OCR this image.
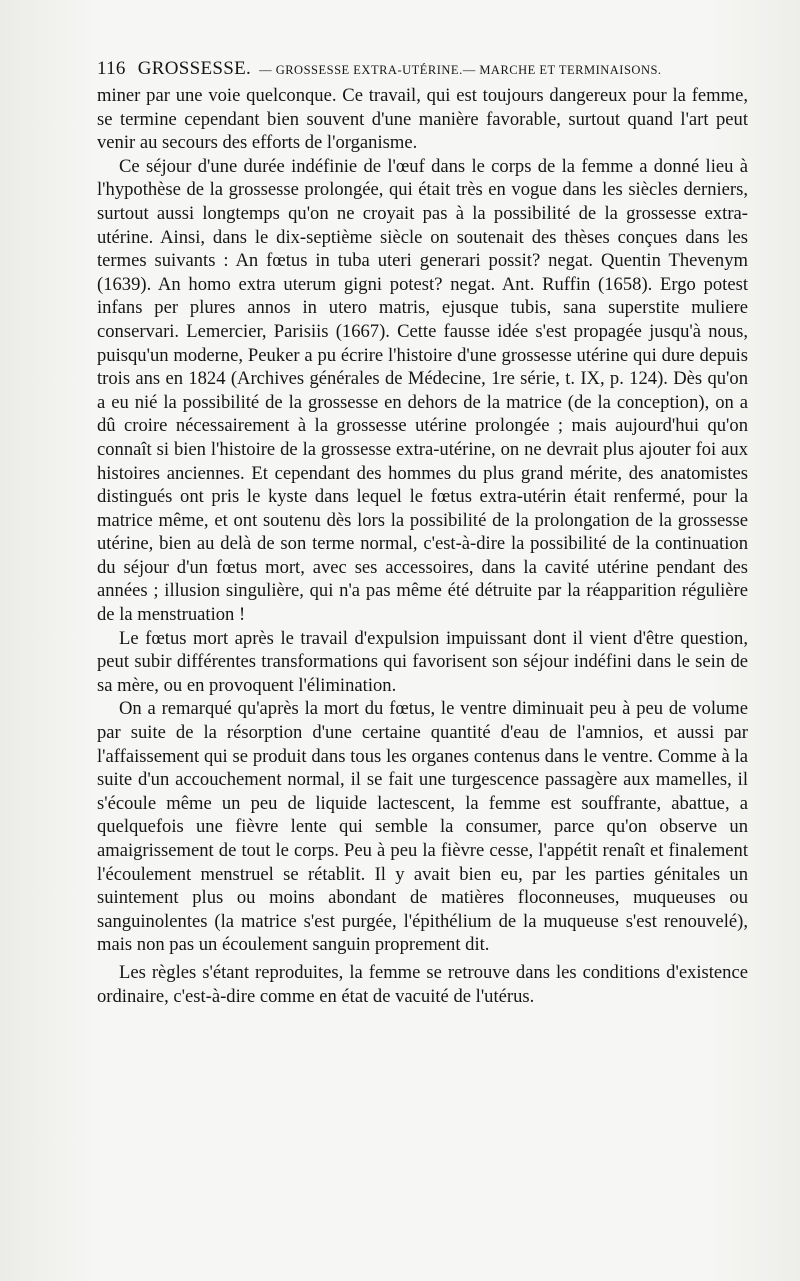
116 GROSSESSE. — GROSSESSE EXTRA-UTÉRINE.— MARCHE ET TERMINAISONS.

miner par une voie quelconque. Ce travail, qui est toujours dangereux pour la femme, se termine cependant bien souvent d'une manière favorable, surtout quand l'art peut venir au secours des efforts de l'organisme.

Ce séjour d'une durée indéfinie de l'œuf dans le corps de la femme a donné lieu à l'hypothèse de la grossesse prolongée, qui était très en vogue dans les siècles derniers, surtout aussi longtemps qu'on ne croyait pas à la possibilité de la grossesse extra-utérine. Ainsi, dans le dix-septième siècle on soutenait des thèses conçues dans les termes suivants : An fœtus in tuba uteri generari possit? negat. Quentin Thevenym (1639). An homo extra uterum gigni potest? negat. Ant. Ruffin (1658). Ergo potest infans per plures annos in utero matris, ejusque tubis, sana superstite muliere conservari. Lemercier, Parisiis (1667). Cette fausse idée s'est propagée jusqu'à nous, puisqu'un moderne, Peuker a pu écrire l'histoire d'une grossesse utérine qui dure depuis trois ans en 1824 (Archives générales de Médecine, 1re série, t. IX, p. 124). Dès qu'on a eu nié la possibilité de la grossesse en dehors de la matrice (de la conception), on a dû croire nécessairement à la grossesse utérine prolongée ; mais aujourd'hui qu'on connaît si bien l'histoire de la grossesse extra-utérine, on ne devrait plus ajouter foi aux histoires anciennes. Et cependant des hommes du plus grand mérite, des anatomistes distingués ont pris le kyste dans lequel le fœtus extra-utérin était renfermé, pour la matrice même, et ont soutenu dès lors la possibilité de la prolongation de la grossesse utérine, bien au delà de son terme normal, c'est-à-dire la possibilité de la continuation du séjour d'un fœtus mort, avec ses accessoires, dans la cavité utérine pendant des années ; illusion singulière, qui n'a pas même été détruite par la réapparition régulière de la menstruation !

Le fœtus mort après le travail d'expulsion impuissant dont il vient d'être question, peut subir différentes transformations qui favorisent son séjour indéfini dans le sein de sa mère, ou en provoquent l'élimination.

On a remarqué qu'après la mort du fœtus, le ventre diminuait peu à peu de volume par suite de la résorption d'une certaine quantité d'eau de l'amnios, et aussi par l'affaissement qui se produit dans tous les organes contenus dans le ventre. Comme à la suite d'un accouchement normal, il se fait une turgescence passagère aux mamelles, il s'écoule même un peu de liquide lactescent, la femme est souffrante, abattue, a quelquefois une fièvre lente qui semble la consumer, parce qu'on observe un amaigrissement de tout le corps. Peu à peu la fièvre cesse, l'appétit renaît et finalement l'écoulement menstruel se rétablit. Il y avait bien eu, par les parties génitales un suintement plus ou moins abondant de matières floconneuses, muqueuses ou sanguinolentes (la matrice s'est purgée, l'épithélium de la muqueuse s'est renouvelé), mais non pas un écoulement sanguin proprement dit.

Les règles s'étant reproduites, la femme se retrouve dans les conditions d'existence ordinaire, c'est-à-dire comme en état de vacuité de l'utérus.
